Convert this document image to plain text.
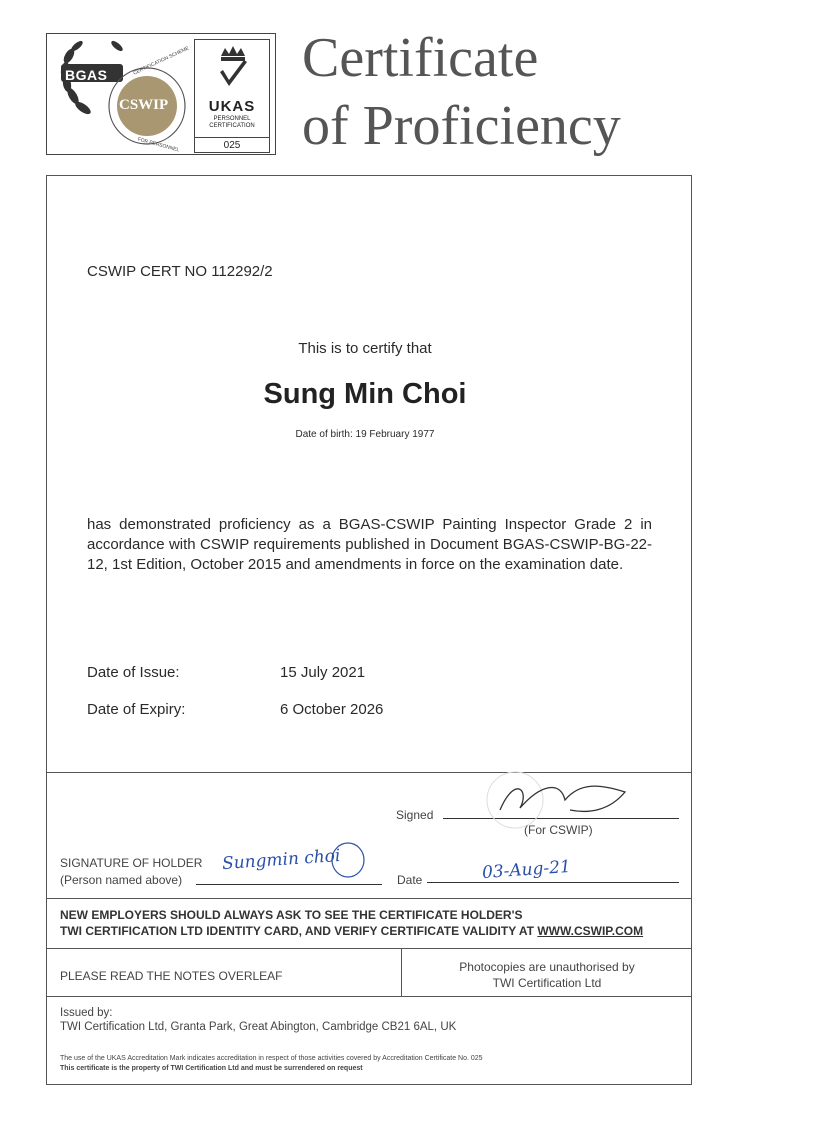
BGAS
CSWIP
CERTIFICATION SCHEME
FOR PERSONNEL
UKAS
PERSONNEL
CERTIFICATION
025
Certificate
of Proficiency
CSWIP CERT NO 112292/2
This is to certify that
Sung Min Choi
Date of birth: 19 February 1977
has demonstrated proficiency as a BGAS-CSWIP Painting Inspector Grade 2 in accordance with CSWIP requirements published in Document BGAS-CSWIP-BG-22-12, 1st Edition, October 2015 and amendments in force on the examination date.
Date of Issue:	15 July 2021
Date of Expiry:	6 October 2026
Signed
(For CSWIP)
SIGNATURE OF HOLDER
(Person named above)
Sungmin choi
Date	03-Aug-21
NEW EMPLOYERS SHOULD ALWAYS ASK TO SEE THE CERTIFICATE HOLDER'S
TWI CERTIFICATION LTD IDENTITY CARD, AND VERIFY CERTIFICATE VALIDITY AT WWW.CSWIP.COM
PLEASE READ THE NOTES OVERLEAF
Photocopies are unauthorised by
TWI Certification Ltd
Issued by:
TWI Certification Ltd, Granta Park, Great Abington, Cambridge CB21 6AL, UK
The use of the UKAS Accreditation Mark indicates accreditation in respect of those activities covered by Accreditation Certificate No. 025
This certificate is the property of TWI Certification Ltd and must be surrendered on request
